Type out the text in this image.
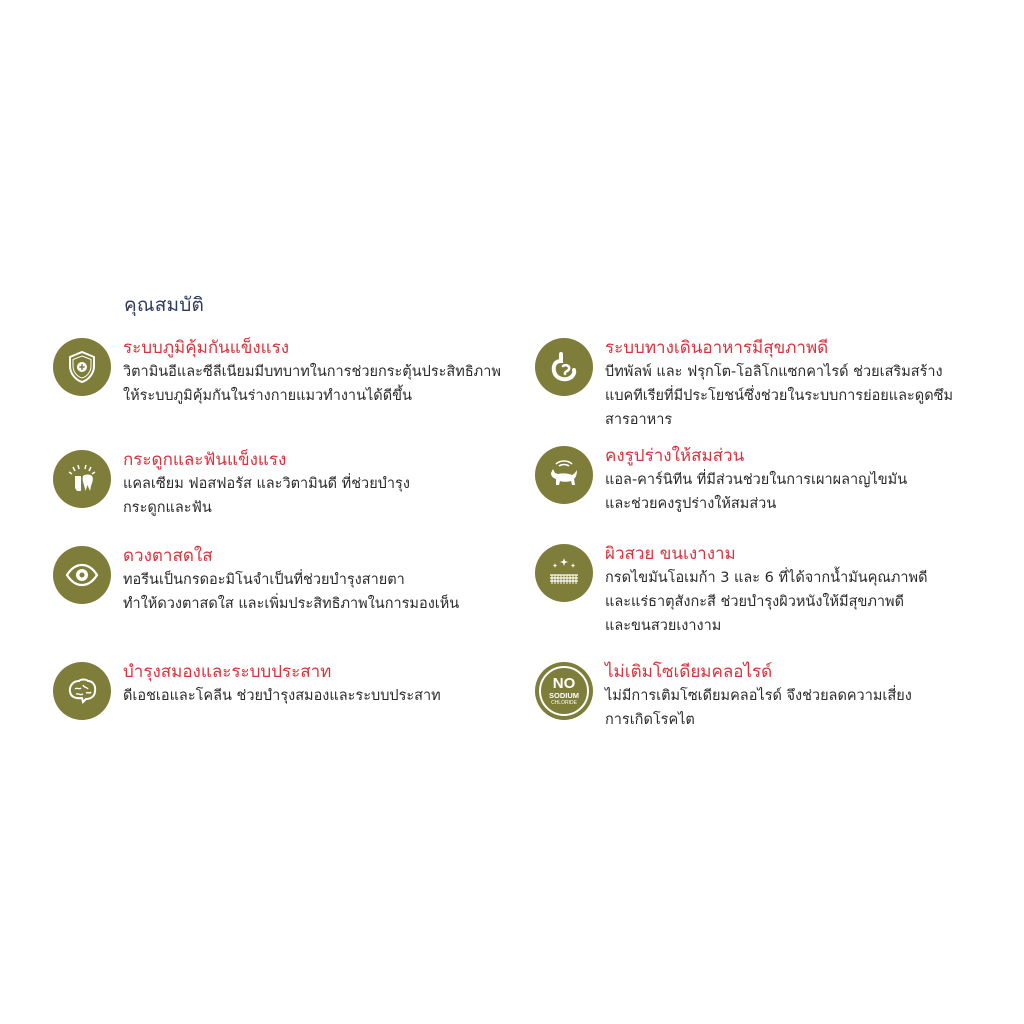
คุณสมบัติ
ระบบภูมิคุ้มกันแข็งแรง
วิตามินอีและซีลีเนียมมีบทบาทในการช่วยกระตุ้นประสิทธิภาพ
ให้ระบบภูมิคุ้มกันในร่างกายแมวทำงานได้ดีขึ้น
กระดูกและฟันแข็งแรง
แคลเซียม ฟอสฟอรัส และวิตามินดี ที่ช่วยบำรุง
กระดูกและฟัน
ดวงตาสดใส
ทอรีนเป็นกรดอะมิโนจำเป็นที่ช่วยบำรุงสายตา
ทำให้ดวงตาสดใส และเพิ่มประสิทธิภาพในการมองเห็น
บำรุงสมองและระบบประสาท
ดีเอชเอและโคลีน ช่วยบำรุงสมองและระบบประสาท
ระบบทางเดินอาหารมีสุขภาพดี
บีทพัลพ์ และ ฟรุกโต-โอลิโกแซกคาไรด์ ช่วยเสริมสร้าง
แบคทีเรียที่มีประโยชน์ซึ่งช่วยในระบบการย่อยและดูดซึม
สารอาหาร
คงรูปร่างให้สมส่วน
แอล-คาร์นิทีน ที่มีส่วนช่วยในการเผาผลาญไขมัน
และช่วยคงรูปร่างให้สมส่วน
ผิวสวย ขนเงางาม
กรดไขมันโอเมก้า 3 และ 6 ที่ได้จากน้ำมันคุณภาพดี
และแร่ธาตุสังกะสี ช่วยบำรุงผิวหนังให้มีสุขภาพดี
และขนสวยเงางาม
NO
SODIUM
CHLORIDE
ไม่เติมโซเดียมคลอไรด์
ไม่มีการเติมโซเดียมคลอไรด์ จึงช่วยลดความเสี่ยง
การเกิดโรคไต
